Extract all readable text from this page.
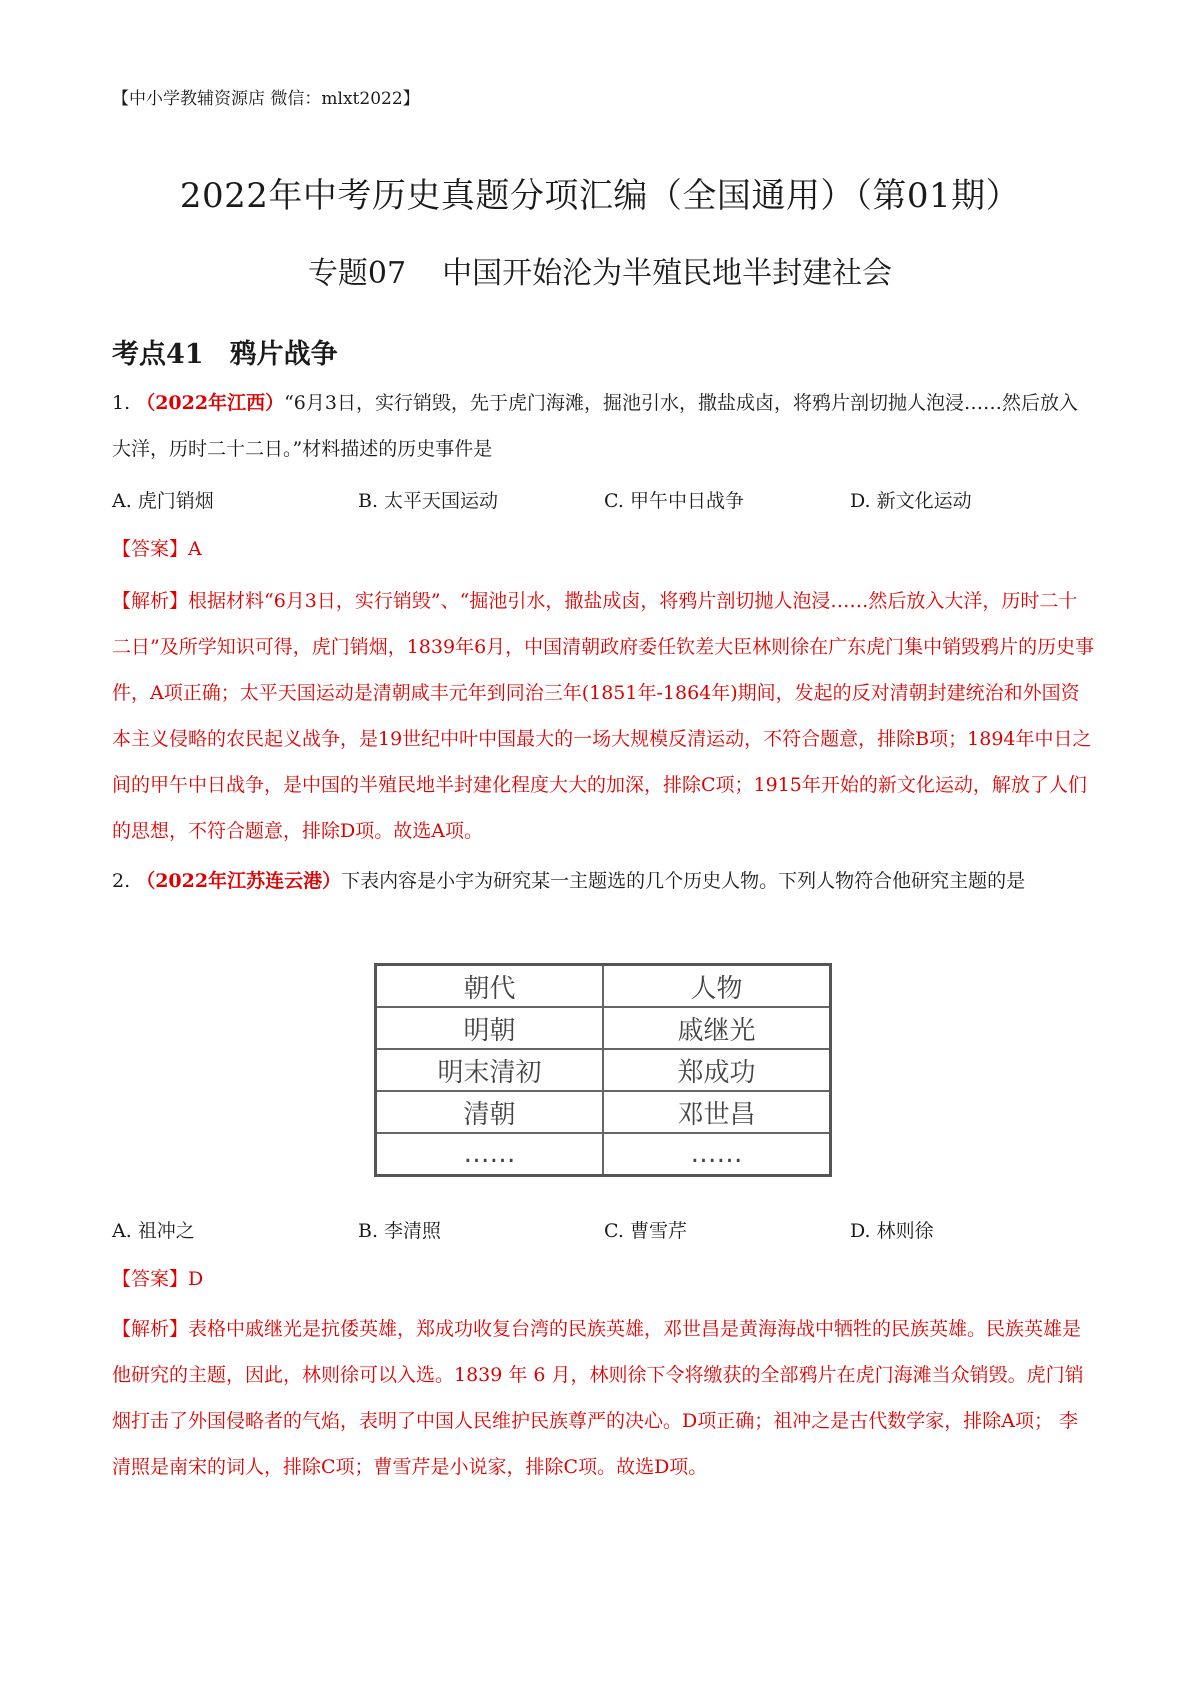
【中小学教辅资源店 微信：mlxt2022】
2022年中考历史真题分项汇编（全国通用）（第01期）
专题07 中国开始沦为半殖民地半封建社会
考点41 鸦片战争
1. （2022年江西）“6月3日，实行销毁，先于虎门海滩，掘池引水，撒盐成卤，将鸦片剖切抛人泡浸……然后放入大洋，历时二十二日。”材料描述的历史事件是
A. 虎门销烟	B. 太平天国运动	C. 甲午中日战争	D. 新文化运动
【答案】A
【解析】根据材料“6月3日，实行销毁”、“掘池引水，撒盐成卤，将鸦片剖切抛人泡浸……然后放入大洋，历时二十二日”及所学知识可得，虎门销烟，1839年6月，中国清朝政府委任钦差大臣林则徐在广东虎门集中销毁鸦片的历史事件，A项正确；太平天国运动是清朝咸丰元年到同治三年(1851年-1864年)期间，发起的反对清朝封建统治和外国资本主义侵略的农民起义战争，是19世纪中叶中国最大的一场大规模反清运动，不符合题意，排除B项；1894年中日之间的甲午中日战争，是中国的半殖民地半封建化程度大大的加深，排除C项；1915年开始的新文化运动，解放了人们的思想，不符合题意，排除D项。故选A项。
2. （2022年江苏连云港）下表内容是小宇为研究某一主题选的几个历史人物。下列人物符合他研究主题的是
朝代	人物
明朝	戚继光
明末清初	郑成功
清朝	邓世昌
……	……
A. 祖冲之	B. 李清照	C. 曹雪芹	D. 林则徐
【答案】D
【解析】表格中戚继光是抗倭英雄，郑成功收复台湾的民族英雄，邓世昌是黄海海战中牺牲的民族英雄。民族英雄是他研究的主题，因此，林则徐可以入选。1839 年 6 月，林则徐下令将缴获的全部鸦片在虎门海滩当众销毁。虎门销烟打击了外国侵略者的气焰，表明了中国人民维护民族尊严的决心。D项正确；祖冲之是古代数学家，排除A项； 李清照是南宋的词人，排除C项；曹雪芹是小说家，排除C项。故选D项。
